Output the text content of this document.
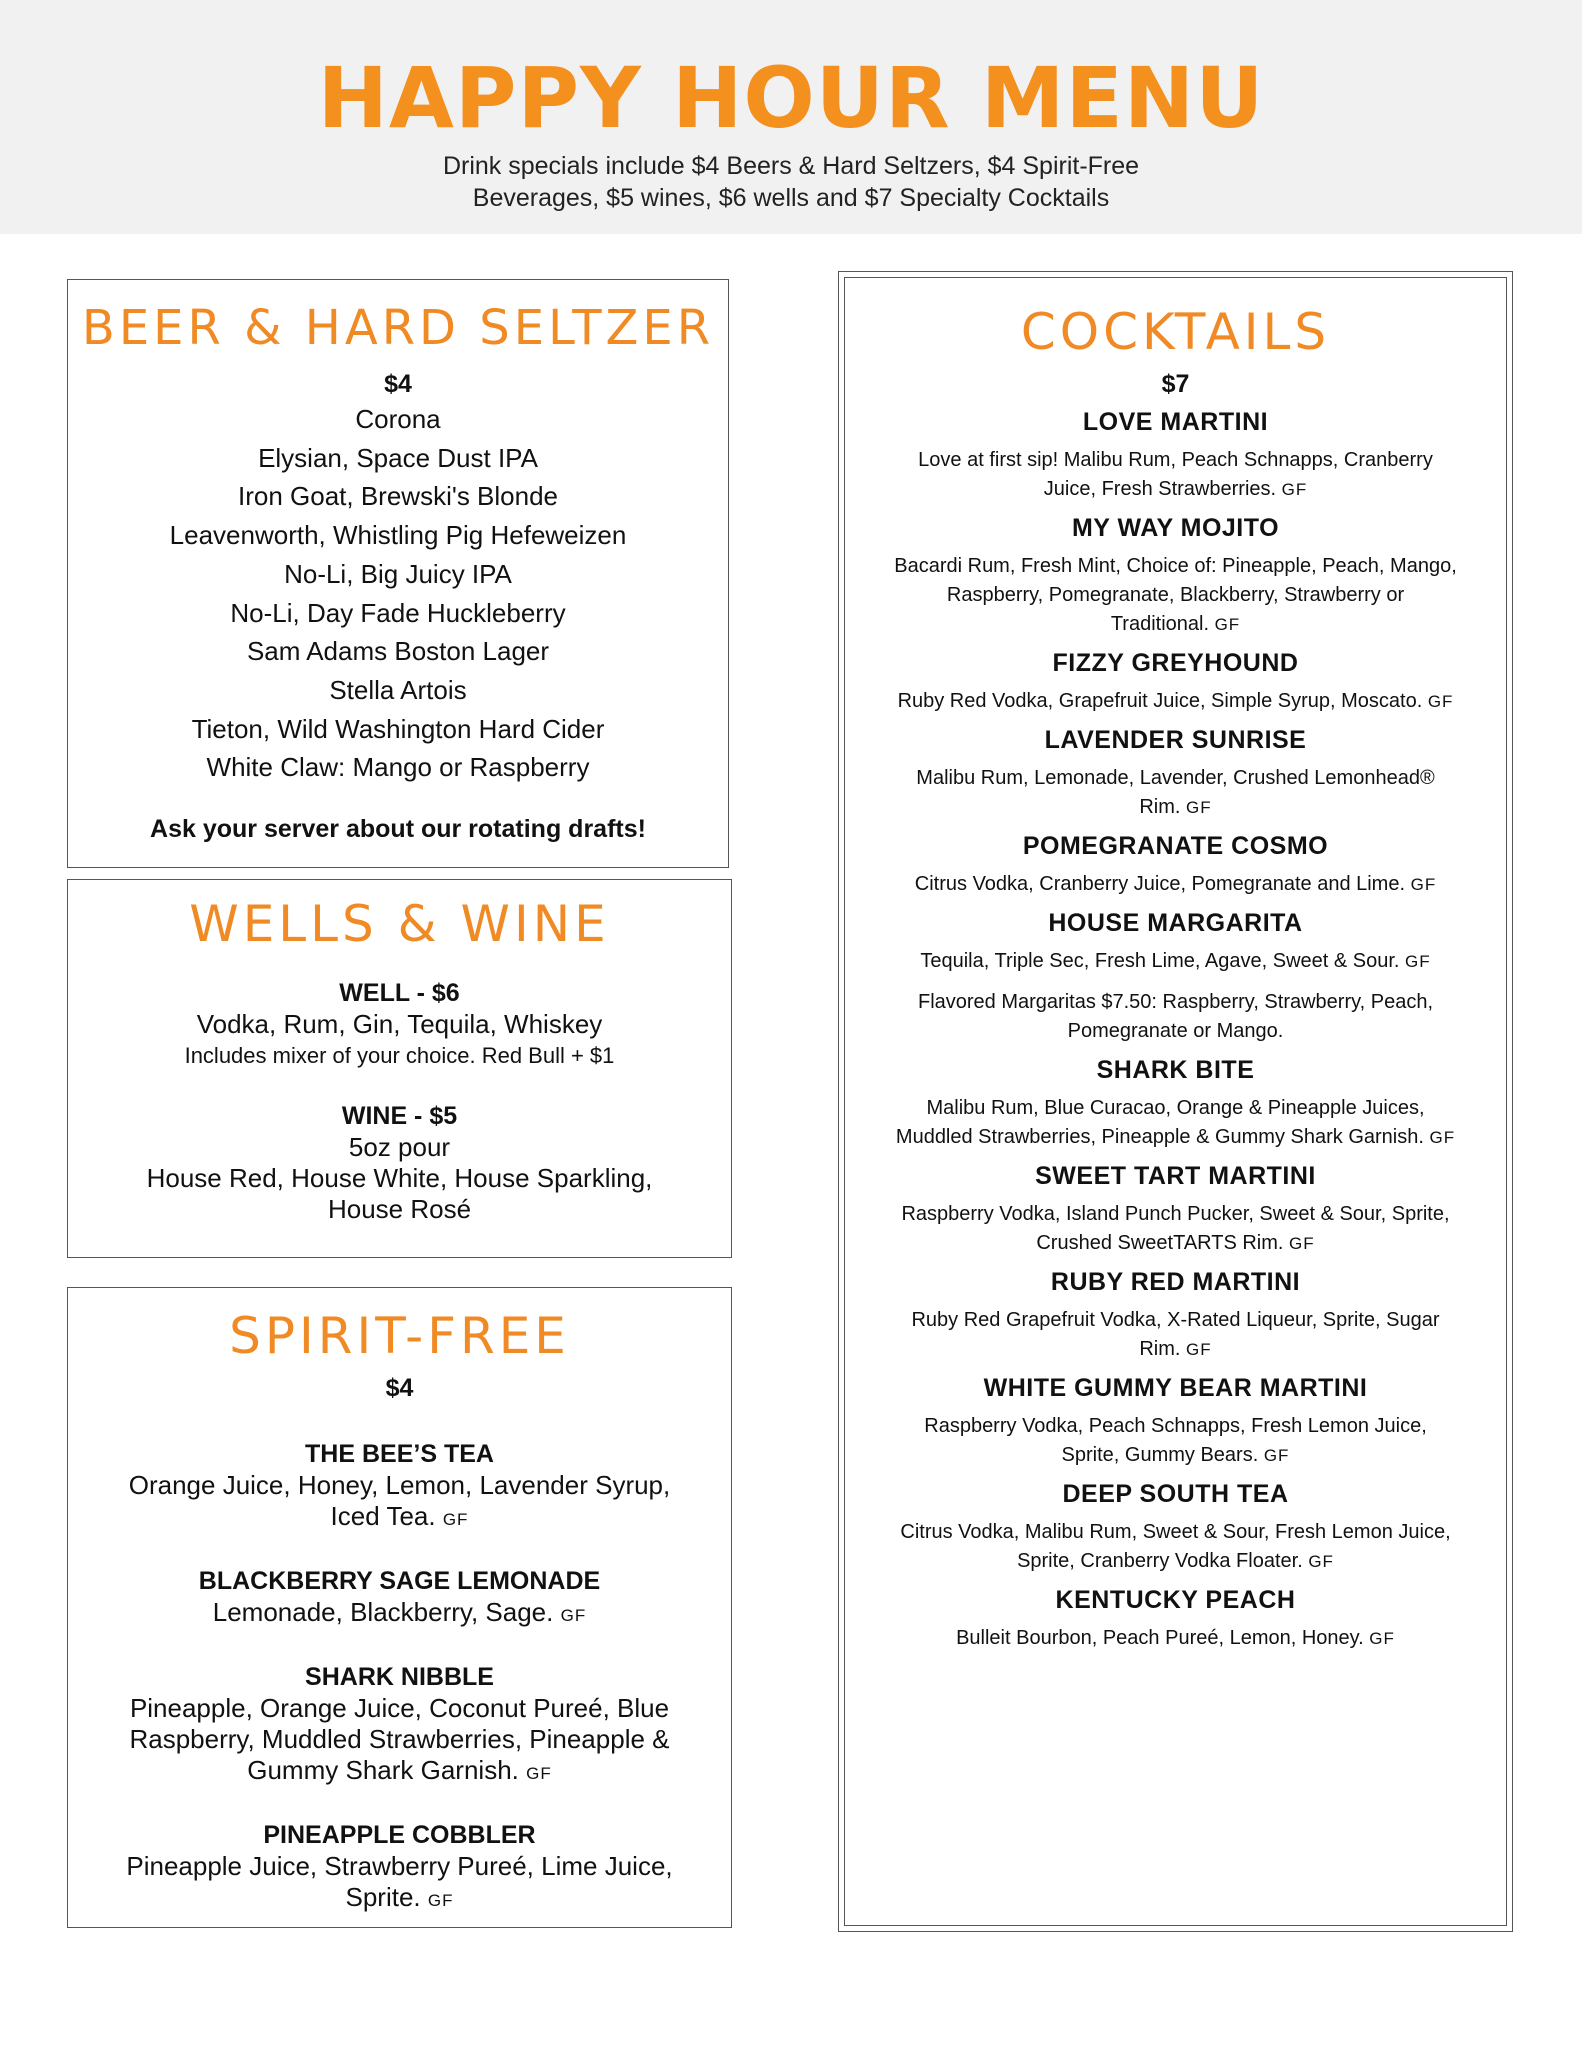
HAPPY HOUR MENU
Drink specials include $4 Beers & Hard Seltzers, $4 Spirit-Free
Beverages, $5 wines, $6 wells and $7 Specialty Cocktails
BEER & HARD SELTZER
$4
Corona
Elysian, Space Dust IPA
Iron Goat, Brewski's Blonde
Leavenworth, Whistling Pig Hefeweizen
No-Li, Big Juicy IPA
No-Li, Day Fade Huckleberry
Sam Adams Boston Lager
Stella Artois
Tieton, Wild Washington Hard Cider
White Claw: Mango or Raspberry
Ask your server about our rotating drafts!
WELLS & WINE
WELL - $6
Vodka, Rum, Gin, Tequila, Whiskey
Includes mixer of your choice. Red Bull + $1
WINE - $5
5oz pour
House Red, House White, House Sparkling,
House Rosé
SPIRIT-FREE
$4
THE BEE’S TEA
Orange Juice, Honey, Lemon, Lavender Syrup,
Iced Tea. GF
BLACKBERRY SAGE LEMONADE
Lemonade, Blackberry, Sage. GF
SHARK NIBBLE
Pineapple, Orange Juice, Coconut Pureé, Blue
Raspberry, Muddled Strawberries, Pineapple &
Gummy Shark Garnish. GF
PINEAPPLE COBBLER
Pineapple Juice, Strawberry Pureé, Lime Juice,
Sprite. GF
COCKTAILS
$7
LOVE MARTINI
Love at first sip! Malibu Rum, Peach Schnapps, Cranberry
Juice, Fresh Strawberries. GF
MY WAY MOJITO
Bacardi Rum, Fresh Mint, Choice of: Pineapple, Peach, Mango,
Raspberry, Pomegranate, Blackberry, Strawberry or
Traditional. GF
FIZZY GREYHOUND
Ruby Red Vodka, Grapefruit Juice, Simple Syrup, Moscato. GF
LAVENDER SUNRISE
Malibu Rum, Lemonade, Lavender, Crushed Lemonhead®
Rim. GF
POMEGRANATE COSMO
Citrus Vodka, Cranberry Juice, Pomegranate and Lime. GF
HOUSE MARGARITA
Tequila, Triple Sec, Fresh Lime, Agave, Sweet & Sour. GF
Flavored Margaritas $7.50: Raspberry, Strawberry, Peach,
Pomegranate or Mango.
SHARK BITE
Malibu Rum, Blue Curacao, Orange & Pineapple Juices,
Muddled Strawberries, Pineapple & Gummy Shark Garnish. GF
SWEET TART MARTINI
Raspberry Vodka, Island Punch Pucker, Sweet & Sour, Sprite,
Crushed SweetTARTS Rim. GF
RUBY RED MARTINI
Ruby Red Grapefruit Vodka, X-Rated Liqueur, Sprite, Sugar
Rim. GF
WHITE GUMMY BEAR MARTINI
Raspberry Vodka, Peach Schnapps, Fresh Lemon Juice,
Sprite, Gummy Bears. GF
DEEP SOUTH TEA
Citrus Vodka, Malibu Rum, Sweet & Sour, Fresh Lemon Juice,
Sprite, Cranberry Vodka Floater. GF
KENTUCKY PEACH
Bulleit Bourbon, Peach Pureé, Lemon, Honey. GF
